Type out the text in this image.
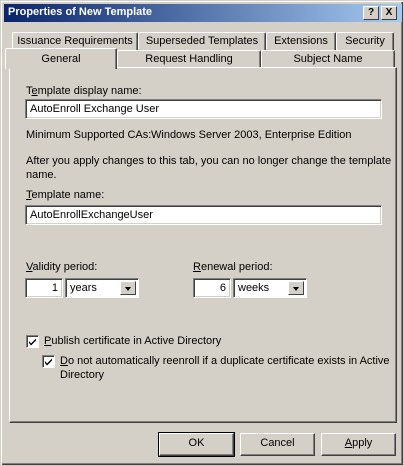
Properties of New Template	?	X
Issuance Requirements	Superseded Templates	Extensions	Security
General	Request Handling	Subject Name
Template display name:
AutoEnroll Exchange User
Minimum Supported CAs: Windows Server 2003, Enterprise Edition
After you apply changes to this tab, you can no longer change the template
name.
Template name:
AutoEnrollExchangeUser
Validity period:
1	years
Renewal period:
6	weeks
Publish certificate in Active Directory
Do not automatically reenroll if a duplicate certificate exists in Active
Directory
OK	Cancel	Apply
